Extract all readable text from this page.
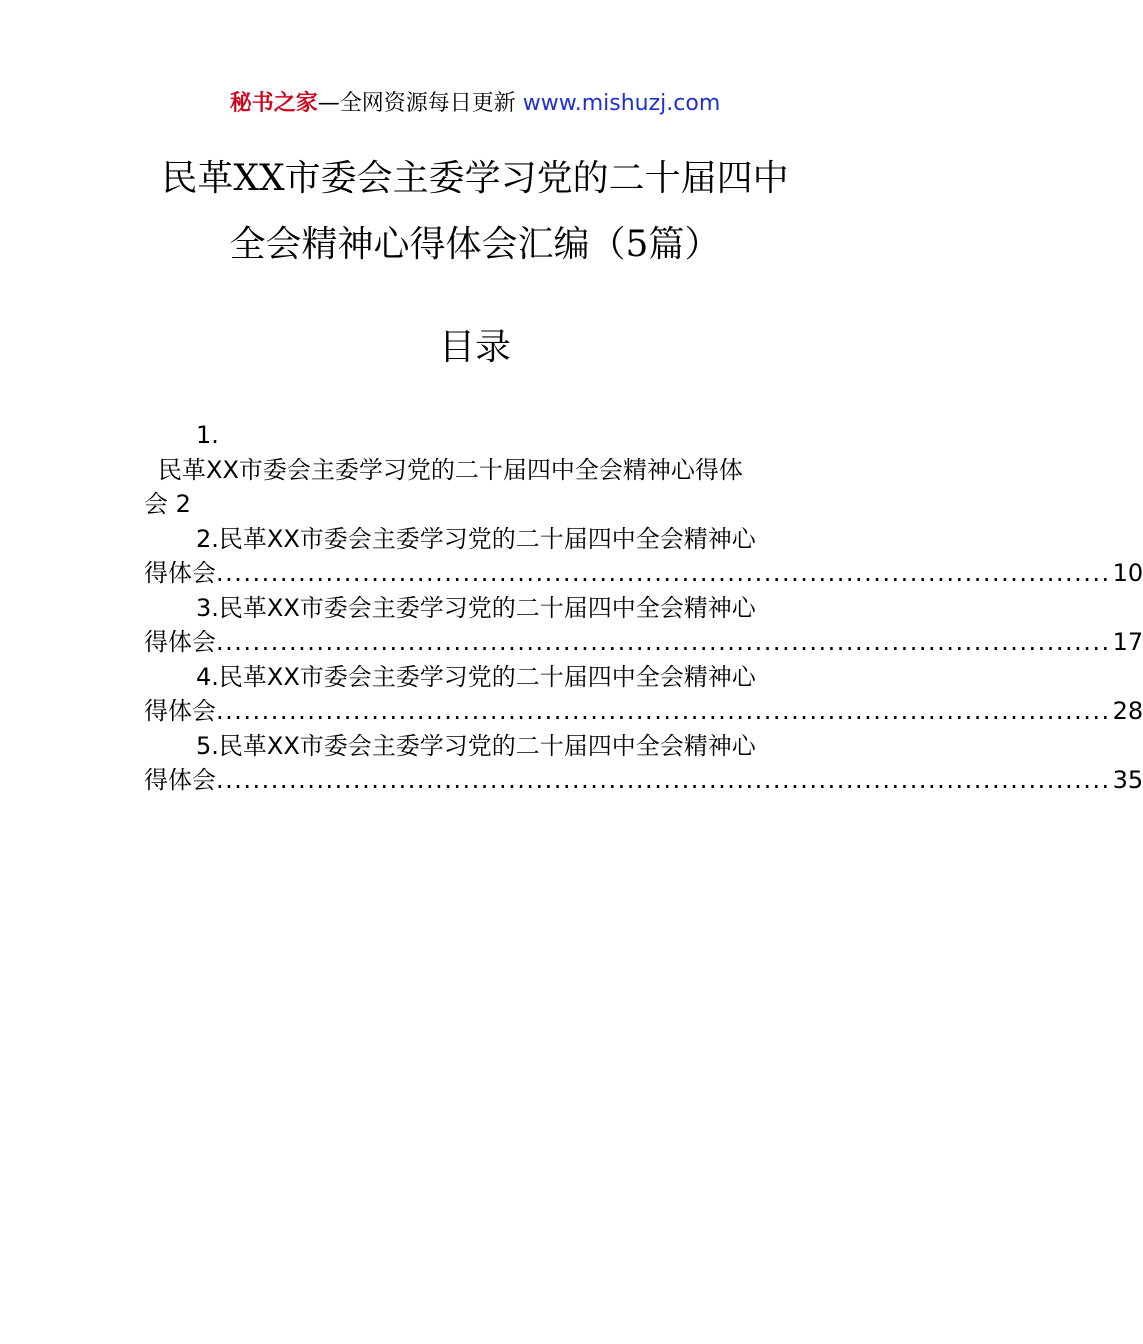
秘书之家—全网资源每日更新 www.mishuzj.com
民革XX市委会主委学习党的二十届四中
全会精神心得体会汇编（5篇）
目录
1.
民革XX市委会主委学习党的二十届四中全会精神心得体
会 2
2.民革XX市委会主委学习党的二十届四中全会精神心
得体会 .................................................................................................. 10
3.民革XX市委会主委学习党的二十届四中全会精神心
得体会 .................................................................................................. 17
4.民革XX市委会主委学习党的二十届四中全会精神心
得体会 .................................................................................................. 28
5.民革XX市委会主委学习党的二十届四中全会精神心
得体会 .................................................................................................. 35
